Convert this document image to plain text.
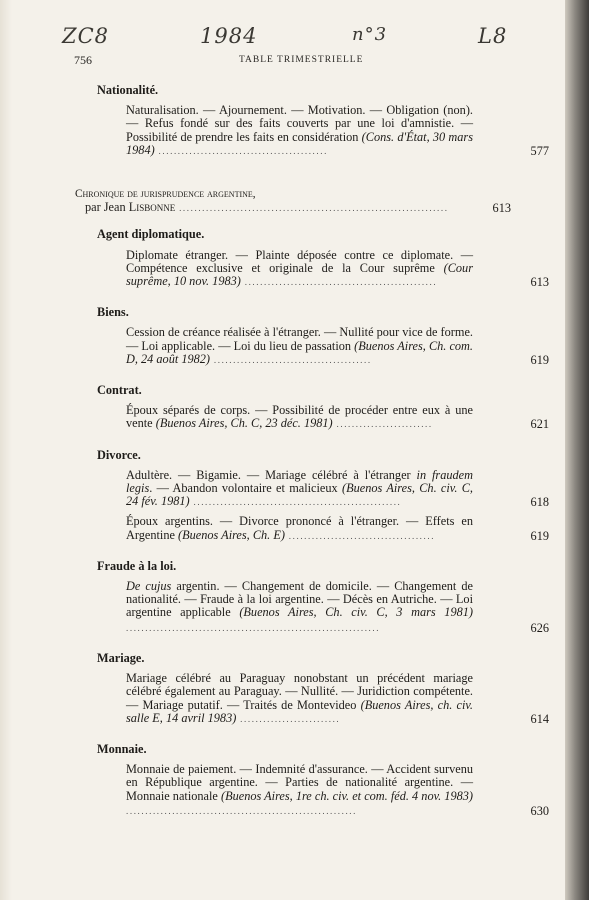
ZC8	1984	n°3	L8
756	TABLE TRIMESTRIELLE
Nationalité.
Naturalisation. — Ajournement. — Motivation. — Obligation (non). — Refus fondé sur des faits couverts par une loi d'amnistie. — Possibilité de prendre les faits en considération (Cons. d'État, 30 mars 1984) ............................................	577
Chronique de jurisprudence argentine,
par Jean Lisbonne ......................................................................	613
Agent diplomatique.
Diplomate étranger. — Plainte déposée contre ce diplomate. — Compétence exclusive et originale de la Cour suprême (Cour suprême, 10 nov. 1983) ..................................................	613
Biens.
Cession de créance réalisée à l'étranger. — Nullité pour vice de forme. — Loi applicable. — Loi du lieu de passation (Buenos Aires, Ch. com. D, 24 août 1982) .........................................	619
Contrat.
Époux séparés de corps. — Possibilité de procéder entre eux à une vente (Buenos Aires, Ch. C, 23 déc. 1981) .........................	621
Divorce.
Adultère. — Bigamie. — Mariage célébré à l'étranger in fraudem legis. — Abandon volontaire et malicieux (Buenos Aires, Ch. civ. C, 24 fév. 1981) ......................................................	618
Époux argentins. — Divorce prononcé à l'étranger. — Effets en Argentine (Buenos Aires, Ch. E) ......................................	619
Fraude à la loi.
De cujus argentin. — Changement de domicile. — Changement de nationalité. — Fraude à la loi argentine. — Décès en Autriche. — Loi argentine applicable (Buenos Aires, Ch. civ. C, 3 mars 1981) ..................................................................	626
Mariage.
Mariage célébré au Paraguay nonobstant un précédent mariage célébré également au Paraguay. — Nullité. — Juridiction compétente. — Mariage putatif. — Traités de Montevideo (Buenos Aires, ch. civ. salle E, 14 avril 1983) ..........................	614
Monnaie.
Monnaie de paiement. — Indemnité d'assurance. — Accident survenu en République argentine. — Parties de nationalité argentine. — Monnaie nationale (Buenos Aires, 1re ch. civ. et com. féd. 4 nov. 1983) ............................................................	630
